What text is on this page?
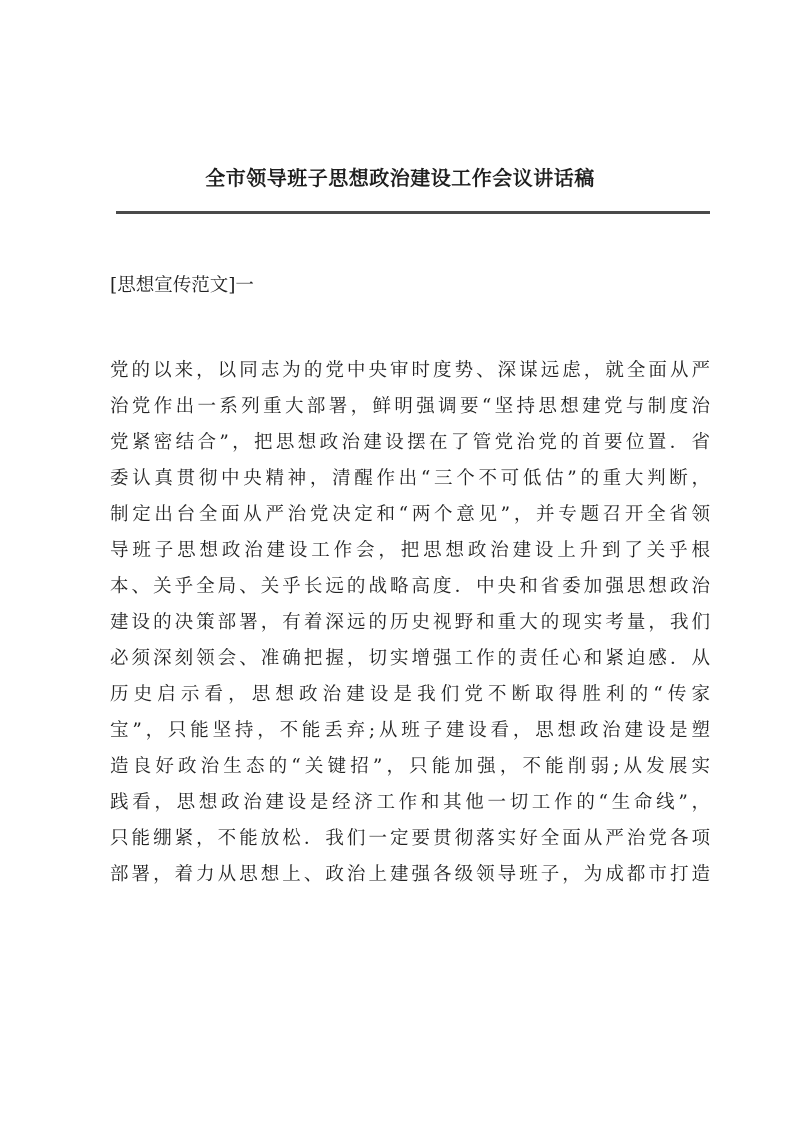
全市领导班子思想政治建设工作会议讲话稿
[思想宣传范文]一
党的以来，以同志为的党中央审时度势、深谋远虑，就全面从严
治党作出一系列重大部署，鲜明强调要“坚持思想建党与制度治
党紧密结合”，把思想政治建设摆在了管党治党的首要位置．省
委认真贯彻中央精神，清醒作出“三个不可低估”的重大判断，
制定出台全面从严治党决定和“两个意见”，并专题召开全省领
导班子思想政治建设工作会，把思想政治建设上升到了关乎根
本、关乎全局、关乎长远的战略高度．中央和省委加强思想政治
建设的决策部署，有着深远的历史视野和重大的现实考量，我们
必须深刻领会、准确把握，切实增强工作的责任心和紧迫感．从
历史启示看，思想政治建设是我们党不断取得胜利的“传家
宝”，只能坚持，不能丢弃;从班子建设看，思想政治建设是塑
造良好政治生态的“关键招”，只能加强，不能削弱;从发展实
践看，思想政治建设是经济工作和其他一切工作的“生命线”，
只能绷紧，不能放松．我们一定要贯彻落实好全面从严治党各项
部署，着力从思想上、政治上建强各级领导班子，为成都市打造
